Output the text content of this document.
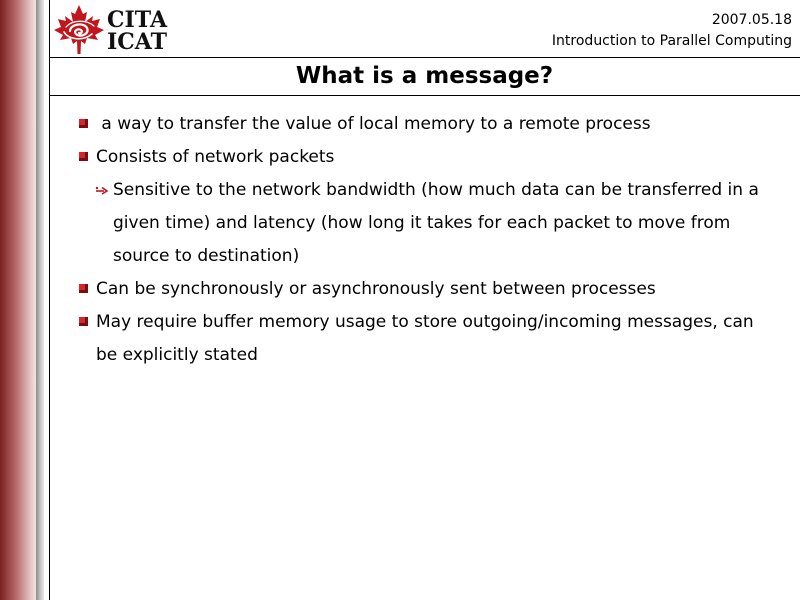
CITA
ICAT
2007.05.18
Introduction to Parallel Computing
What is a message?
a way to transfer the value of local memory to a remote process
Consists of network packets
Sensitive to the network bandwidth (how much data can be transferred in a given time) and latency (how long it takes for each packet to move from source to destination)
Can be synchronously or asynchronously sent between processes
May require buffer memory usage to store outgoing/incoming messages, can be explicitly stated
